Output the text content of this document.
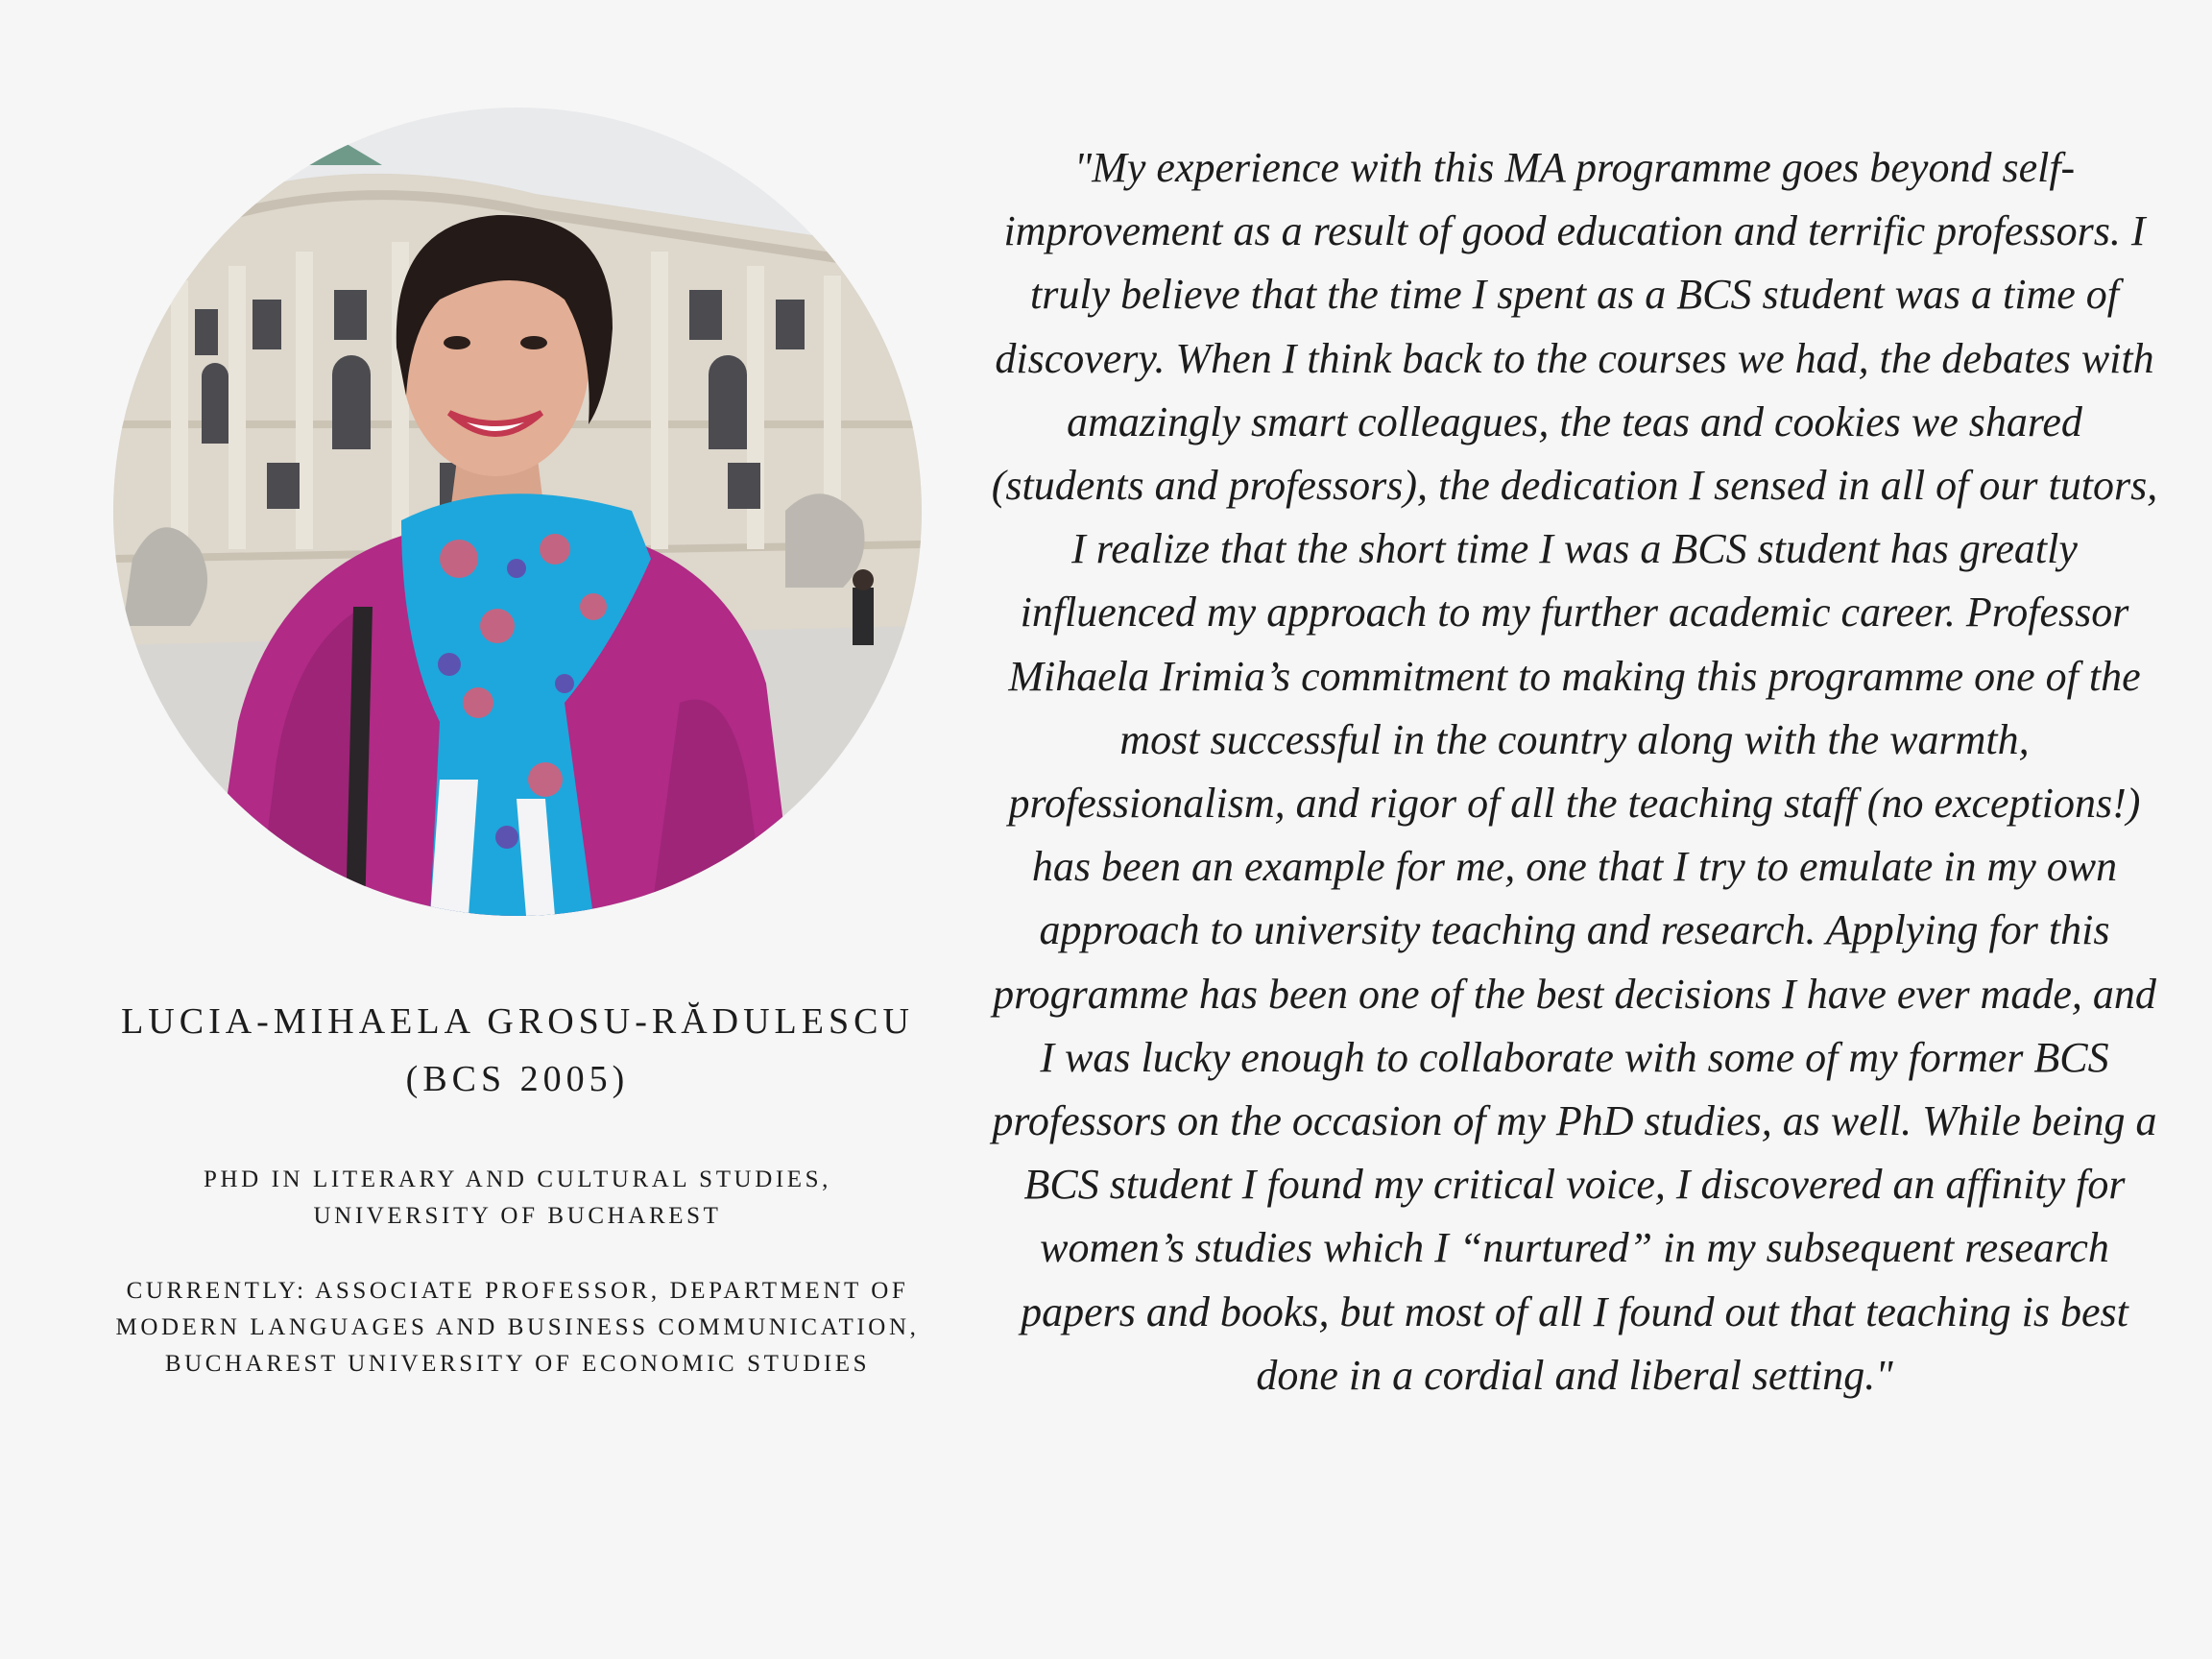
LUCIA-MIHAELA GROSU-RĂDULESCU (BCS 2005)

PHD IN LITERARY AND CULTURAL STUDIES, UNIVERSITY OF BUCHAREST

CURRENTLY: ASSOCIATE PROFESSOR, DEPARTMENT OF MODERN LANGUAGES AND BUSINESS COMMUNICATION, BUCHAREST UNIVERSITY OF ECONOMIC STUDIES

"My experience with this MA programme goes beyond self-improvement as a result of good education and terrific professors. I truly believe that the time I spent as a BCS student was a time of discovery. When I think back to the courses we had, the debates with amazingly smart colleagues, the teas and cookies we shared (students and professors), the dedication I sensed in all of our tutors, I realize that the short time I was a BCS student has greatly influenced my approach to my further academic career. Professor Mihaela Irimia’s commitment to making this programme one of the most successful in the country along with the warmth, professionalism, and rigor of all the teaching staff (no exceptions!) has been an example for me, one that I try to emulate in my own approach to university teaching and research. Applying for this programme has been one of the best decisions I have ever made, and I was lucky enough to collaborate with some of my former BCS professors on the occasion of my PhD studies, as well. While being a BCS student I found my critical voice, I discovered an affinity for women’s studies which I “nurtured” in my subsequent research papers and books, but most of all I found out that teaching is best done in a cordial and liberal setting."
